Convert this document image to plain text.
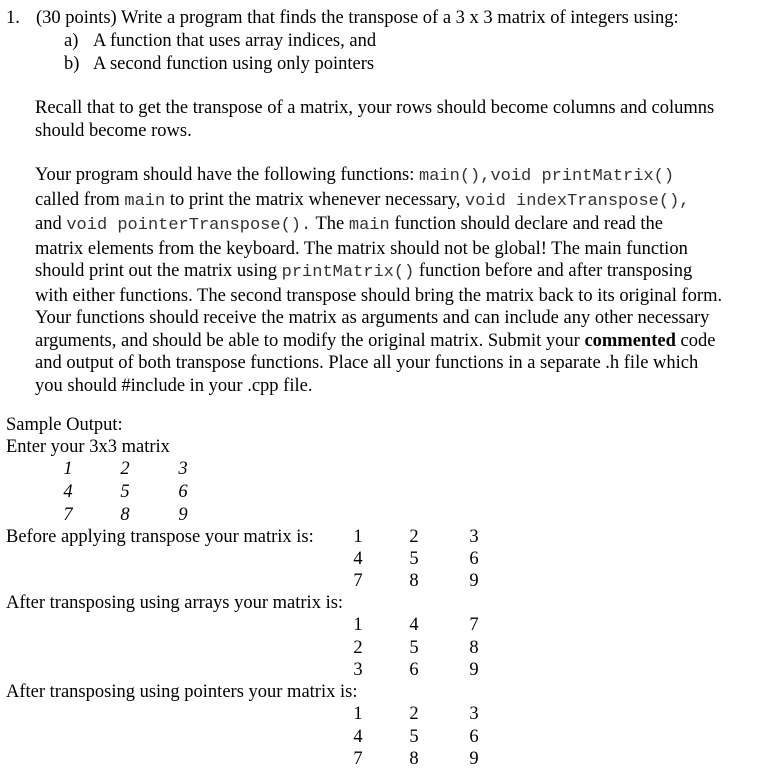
1. (30 points) Write a program that finds the transpose of a 3 x 3 matrix of integers using:
a) A function that uses array indices, and
b) A second function using only pointers
Recall that to get the transpose of a matrix, your rows should become columns and columns
should become rows.
Your program should have the following functions: main(),void printMatrix()
called from main to print the matrix whenever necessary, void indexTranspose(),
and void pointerTranspose(). The main function should declare and read the
matrix elements from the keyboard. The matrix should not be global! The main function
should print out the matrix using printMatrix() function before and after transposing
with either functions. The second transpose should bring the matrix back to its original form.
Your functions should receive the matrix as arguments and can include any other necessary
arguments, and should be able to modify the original matrix. Submit your commented code
and output of both transpose functions. Place all your functions in a separate .h file which
you should #include in your .cpp file.
Sample Output:
Enter your 3x3 matrix
1	2	3
4	5	6
7	8	9
Before applying transpose your matrix is: 1	2	3
4	5	6
7	8	9
After transposing using arrays your matrix is:
1	4	7
2	5	8
3	6	9
After transposing using pointers your matrix is:
1	2	3
4	5	6
7	8	9
